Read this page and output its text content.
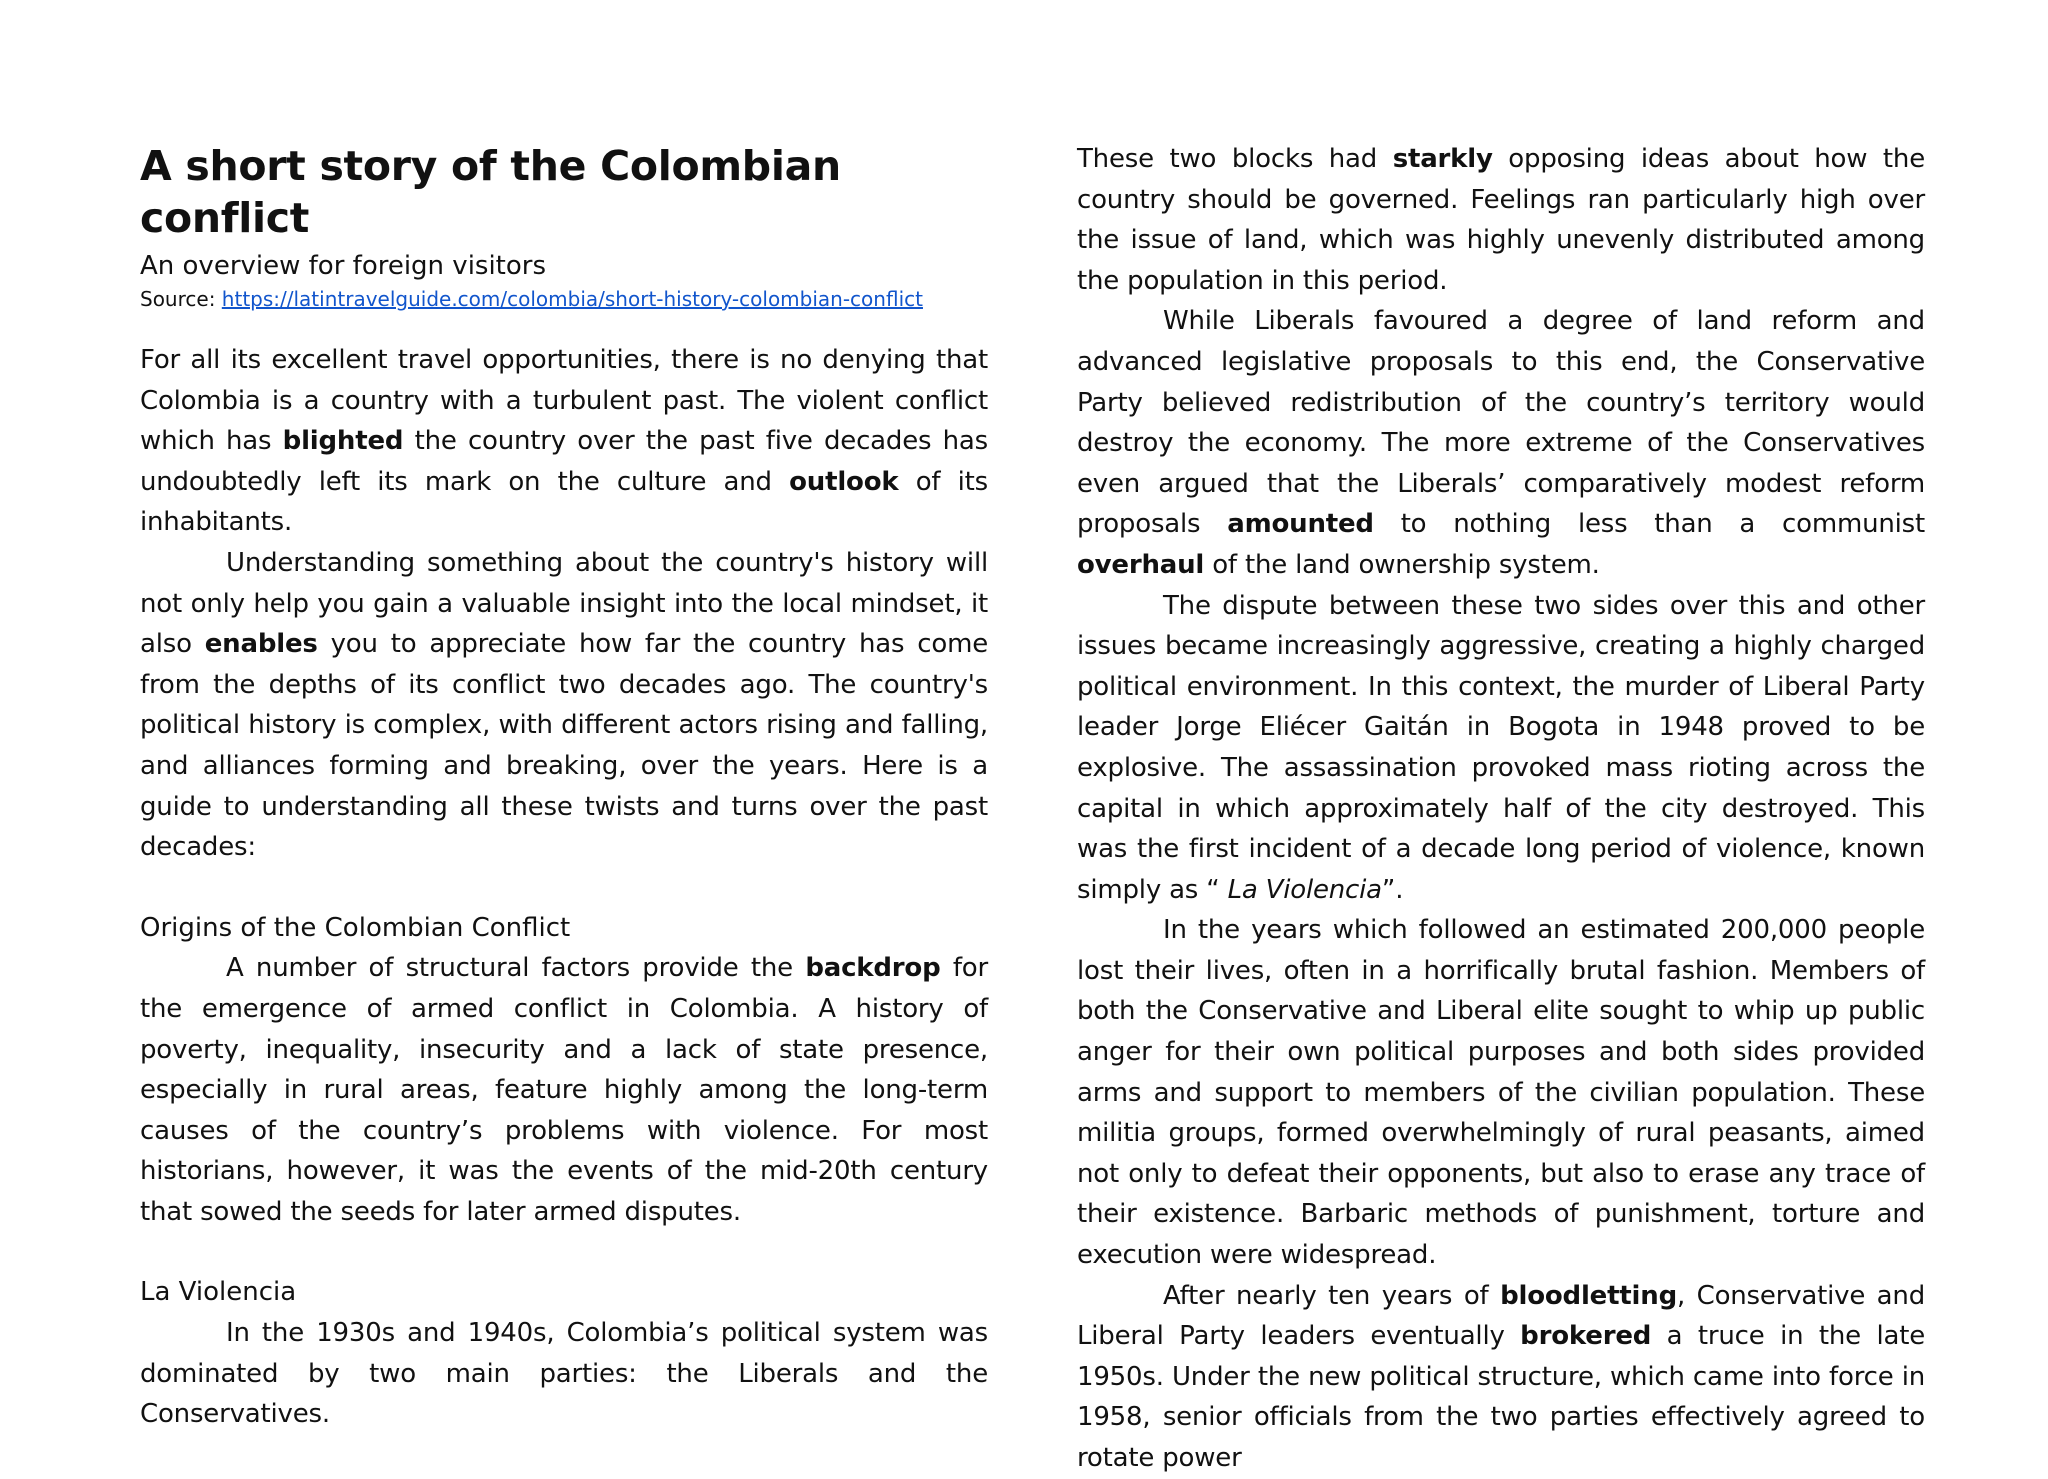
A short story of the Colombian conflict
An overview for foreign visitors
Source: https://latintravelguide.com/colombia/short-history-colombian-conflict

For all its excellent travel opportunities, there is no denying that Colombia is a country with a turbulent past. The violent conflict which has blighted the country over the past five decades has undoubtedly left its mark on the culture and outlook of its inhabitants.

Understanding something about the country's history will not only help you gain a valuable insight into the local mindset, it also enables you to appreciate how far the country has come from the depths of its conflict two decades ago. The country's political history is complex, with different actors rising and falling, and alliances forming and breaking, over the years. Here is a guide to understanding all these twists and turns over the past decades:

Origins of the Colombian Conflict

A number of structural factors provide the backdrop for the emergence of armed conflict in Colombia. A history of poverty, inequality, insecurity and a lack of state presence, especially in rural areas, feature highly among the long-term causes of the country’s problems with violence. For most historians, however, it was the events of the mid-20th century that sowed the seeds for later armed disputes.

La Violencia

In the 1930s and 1940s, Colombia’s political system was dominated by two main parties: the Liberals and the Conservatives.

These two blocks had starkly opposing ideas about how the country should be governed. Feelings ran particularly high over the issue of land, which was highly unevenly distributed among the population in this period.

While Liberals favoured a degree of land reform and advanced legislative proposals to this end, the Conservative Party believed redistribution of the country’s territory would destroy the economy. The more extreme of the Conservatives even argued that the Liberals’ comparatively modest reform proposals amounted to nothing less than a communist overhaul of the land ownership system.

The dispute between these two sides over this and other issues became increasingly aggressive, creating a highly charged political environment. In this context, the murder of Liberal Party leader Jorge Eliécer Gaitán in Bogota in 1948 proved to be explosive. The assassination provoked mass rioting across the capital in which approximately half of the city destroyed. This was the first incident of a decade long period of violence, known simply as “ La Violencia”.

In the years which followed an estimated 200,000 people lost their lives, often in a horrifically brutal fashion. Members of both the Conservative and Liberal elite sought to whip up public anger for their own political purposes and both sides provided arms and support to members of the civilian population. These militia groups, formed overwhelmingly of rural peasants, aimed not only to defeat their opponents, but also to erase any trace of their existence. Barbaric methods of punishment, torture and execution were widespread.

After nearly ten years of bloodletting, Conservative and Liberal Party leaders eventually brokered a truce in the late 1950s. Under the new political structure, which came into force in 1958, senior officials from the two parties effectively agreed to rotate power
